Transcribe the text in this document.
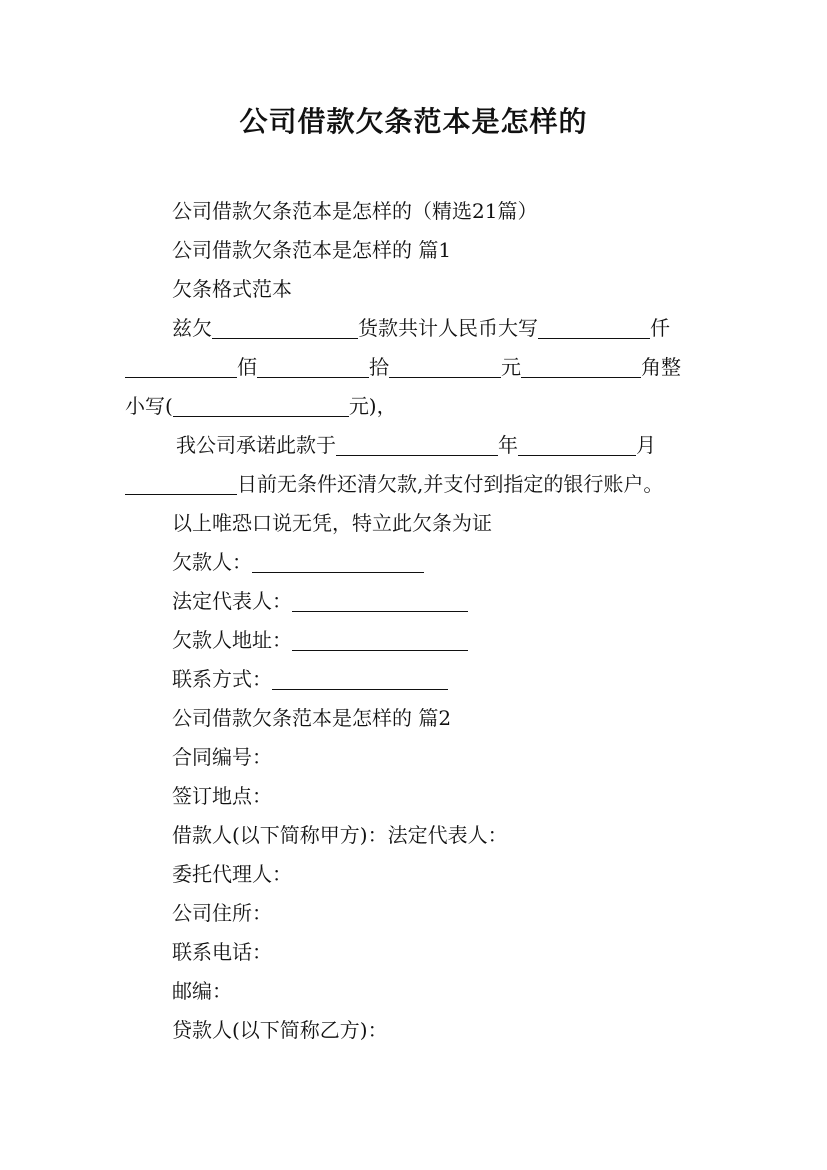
公司借款欠条范本是怎样的
公司借款欠条范本是怎样的（精选21篇）
公司借款欠条范本是怎样的 篇1
欠条格式范本
兹欠	货款共计人民币大写	仟
佰	拾	元	角整
小写(	元)，
我公司承诺此款于	年	月
日前无条件还清欠款,并支付到指定的银行账户。
以上唯恐口说无凭，特立此欠条为证
欠款人：
法定代表人：
欠款人地址：
联系方式：
公司借款欠条范本是怎样的 篇2
合同编号：
签订地点：
借款人(以下简称甲方)：法定代表人：
委托代理人：
公司住所：
联系电话：
邮编：
贷款人(以下简称乙方)：
